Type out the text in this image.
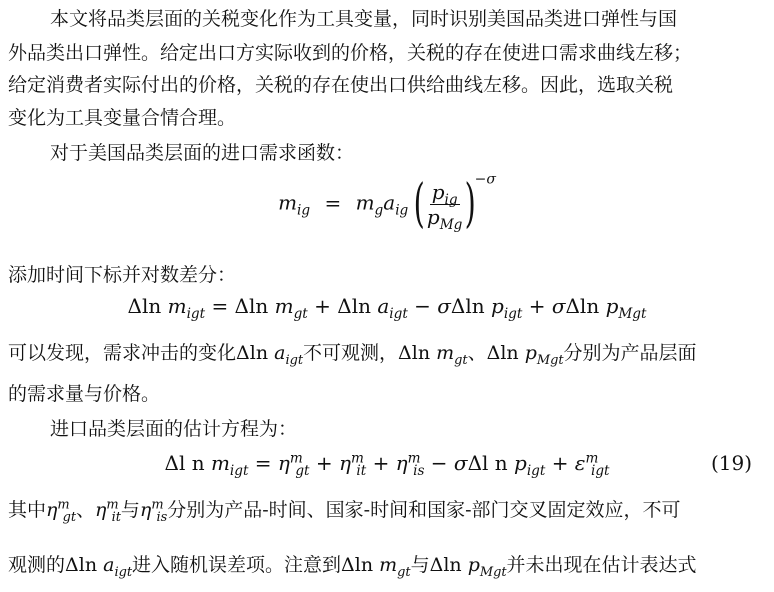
本文将品类层面的关税变化作为工具变量，同时识别美国品类进口弹性与国
外品类出口弹性。给定出口方实际收到的价格，关税的存在使进口需求曲线左移；
给定消费者实际付出的价格，关税的存在使出口供给曲线左移。因此，选取关税
变化为工具变量合情合理。
对于美国品类层面的进口需求函数：
$m_{ig} = m_ga_{ig}$ ( $\frac{p_{ig}}{p_{Mg}} )^{-\sigma}$
添加时间下标并对数差分：
Δln $m_{igt} = \Delta\ln$ $m_{gt} + \Delta\ln$ $a_{igt} - \sigma\Delta\ln$ $p_{igt} + \sigma\Delta\ln$ $p_{Mgt}$
可以发现，需求冲击的变化Δln $a_{igt}$不可观测，Δln $m_{gt}$、Δln $p_{Mgt}$分别为产品层面
的需求量与价格。
进口品类层面的估计方程为：
Δl n $m_{igt} = \eta^m_{gt} + \eta^m_{it} + \eta^m_{is} - \sigma\Delta l$ n $p_{igt} + \varepsilon^m_{igt}$	(19)
其中$\eta^m_{gt}$、$\eta^m_{it}$与$\eta^m_{is}$分别为产品-时间、国家-时间和国家-部门交叉固定效应，不可
观测的Δln $a_{igt}$进入随机误差项。注意到Δln $m_{gt}$与Δln $p_{Mgt}$并未出现在估计表达式
